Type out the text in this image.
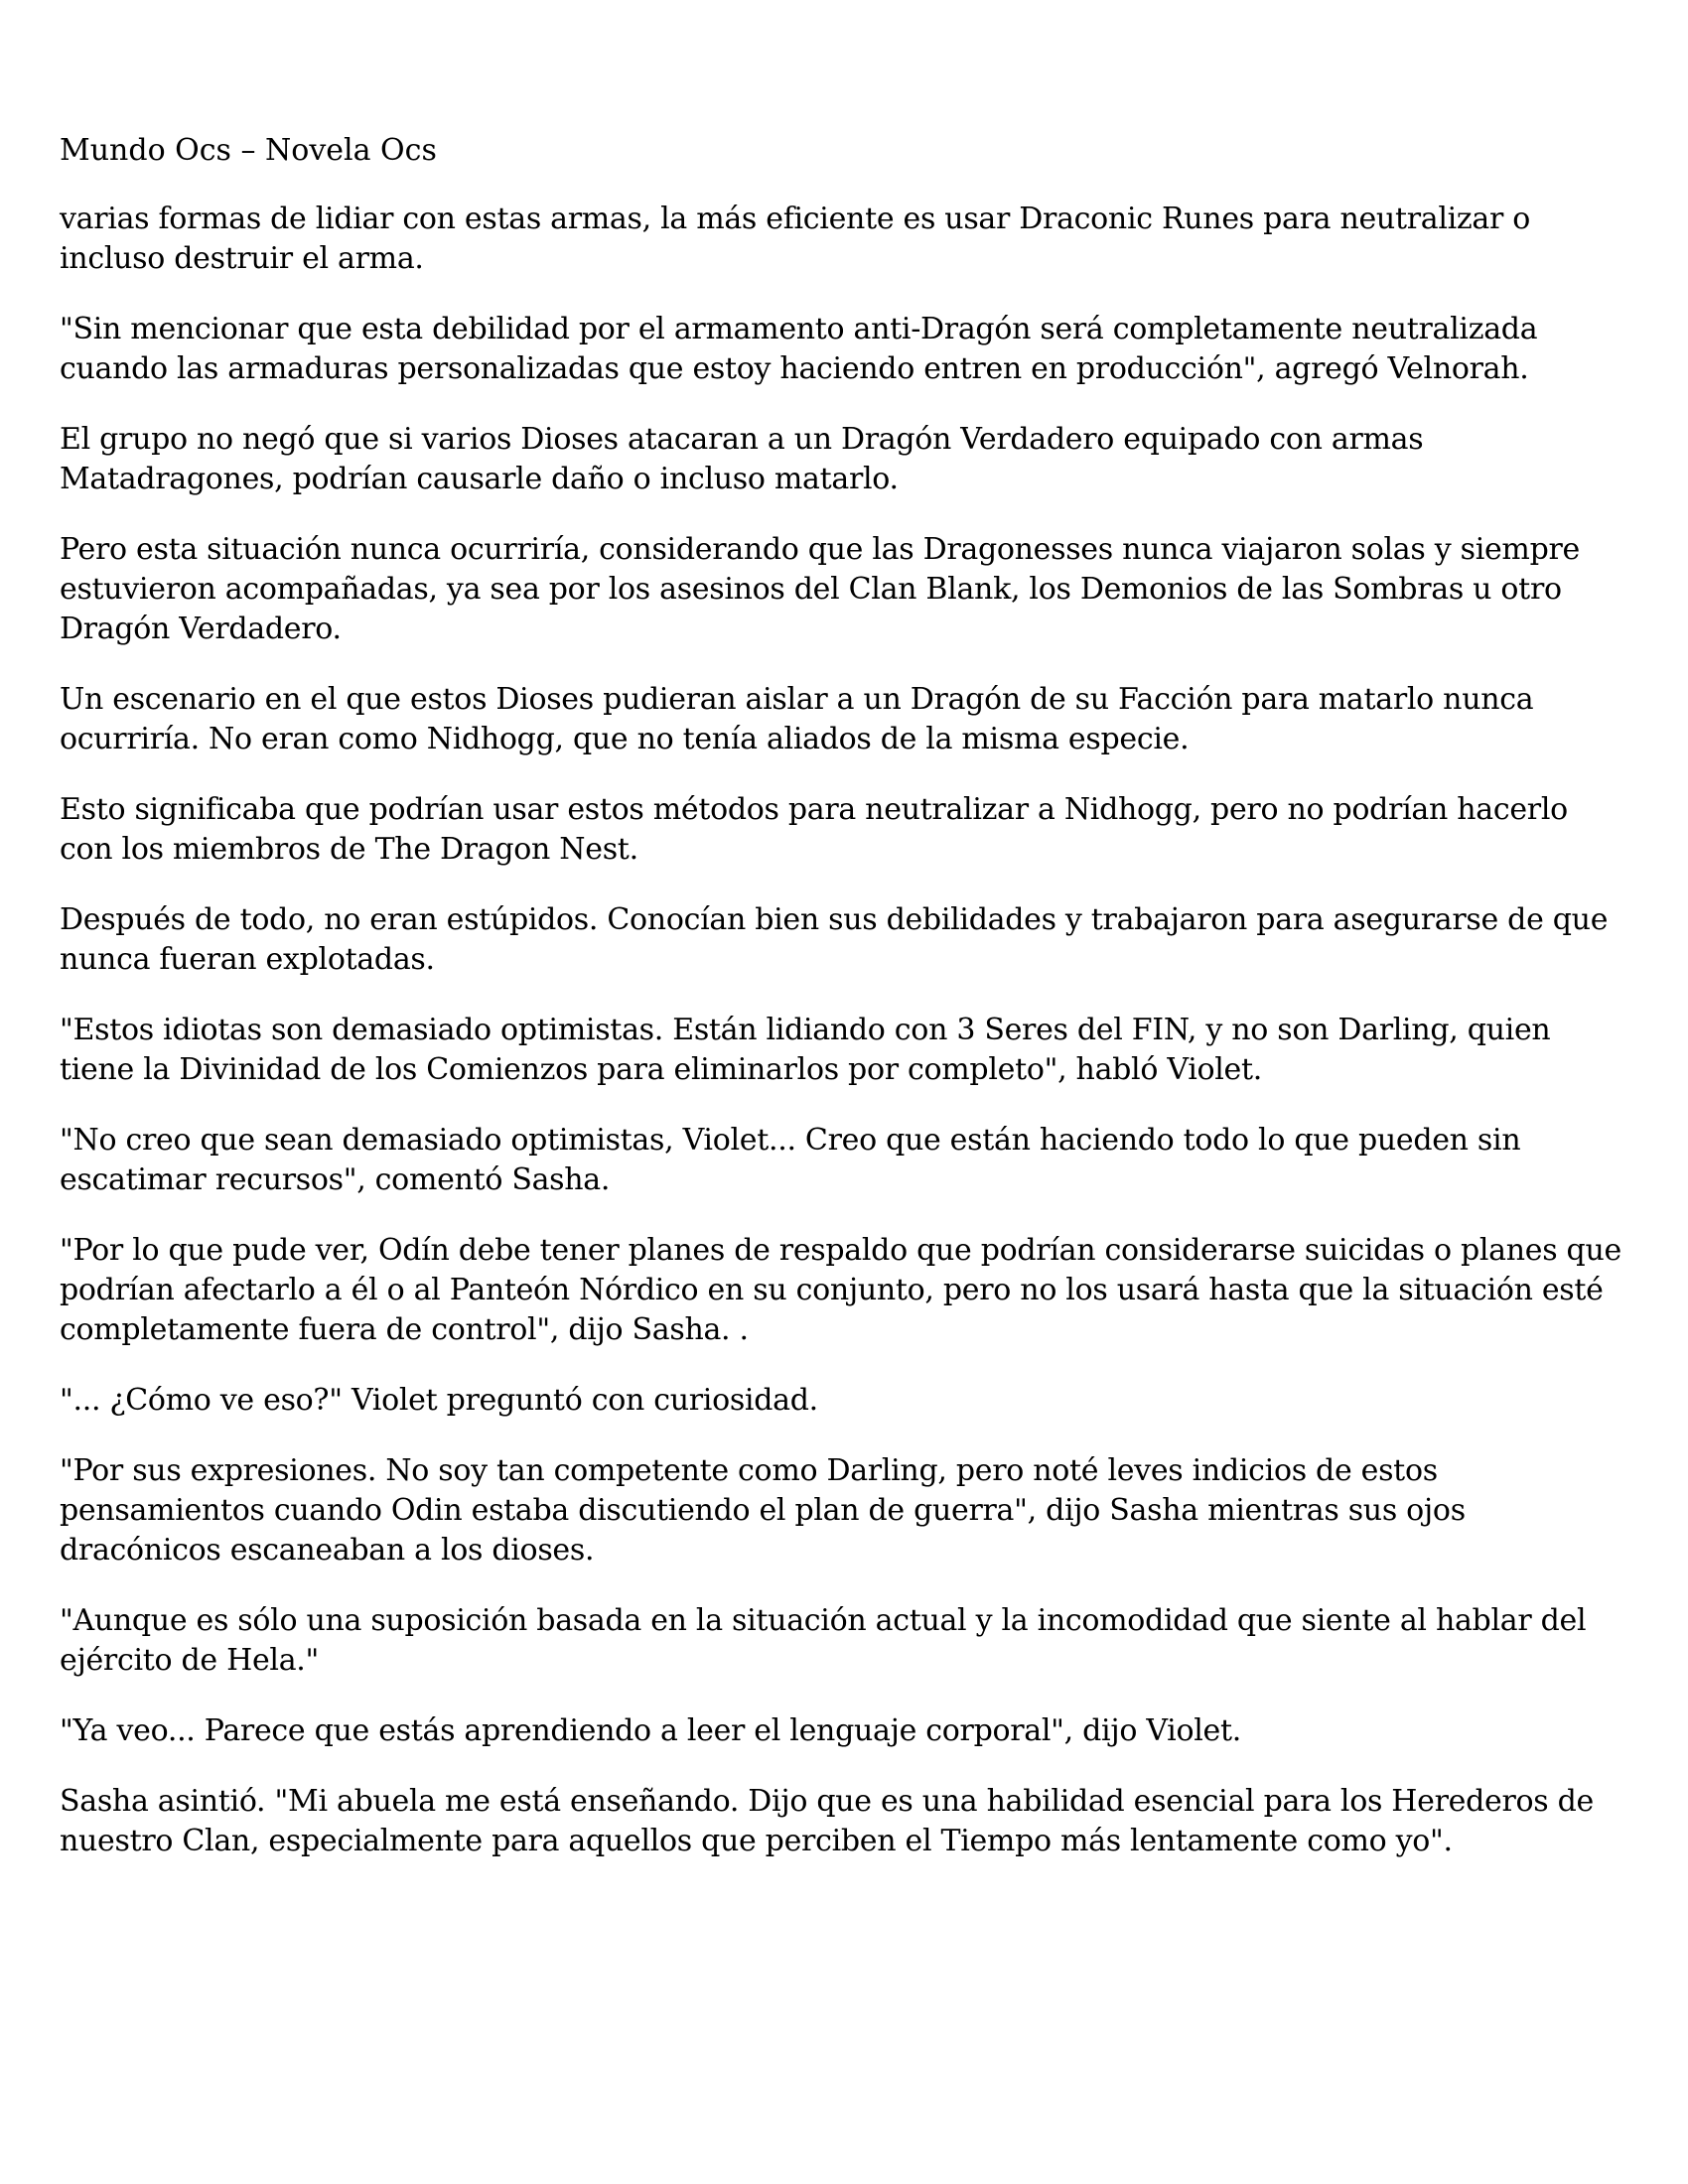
Mundo Ocs – Novela Ocs

varias formas de lidiar con estas armas, la más eficiente es usar Draconic Runes para neutralizar o incluso destruir el arma.

"Sin mencionar que esta debilidad por el armamento anti-Dragón será completamente neutralizada cuando las armaduras personalizadas que estoy haciendo entren en producción", agregó Velnorah.

El grupo no negó que si varios Dioses atacaran a un Dragón Verdadero equipado con armas Matadragones, podrían causarle daño o incluso matarlo.

Pero esta situación nunca ocurriría, considerando que las Dragonesses nunca viajaron solas y siempre estuvieron acompañadas, ya sea por los asesinos del Clan Blank, los Demonios de las Sombras u otro Dragón Verdadero.

Un escenario en el que estos Dioses pudieran aislar a un Dragón de su Facción para matarlo nunca ocurriría. No eran como Nidhogg, que no tenía aliados de la misma especie.

Esto significaba que podrían usar estos métodos para neutralizar a Nidhogg, pero no podrían hacerlo con los miembros de The Dragon Nest.

Después de todo, no eran estúpidos. Conocían bien sus debilidades y trabajaron para asegurarse de que nunca fueran explotadas.

"Estos idiotas son demasiado optimistas. Están lidiando con 3 Seres del FIN, y no son Darling, quien tiene la Divinidad de los Comienzos para eliminarlos por completo", habló Violet.

"No creo que sean demasiado optimistas, Violet... Creo que están haciendo todo lo que pueden sin escatimar recursos", comentó Sasha.

"Por lo que pude ver, Odín debe tener planes de respaldo que podrían considerarse suicidas o planes que podrían afectarlo a él o al Panteón Nórdico en su conjunto, pero no los usará hasta que la situación esté completamente fuera de control", dijo Sasha. .

"... ¿Cómo ve eso?" Violet preguntó con curiosidad.

"Por sus expresiones. No soy tan competente como Darling, pero noté leves indicios de estos pensamientos cuando Odin estaba discutiendo el plan de guerra", dijo Sasha mientras sus ojos dracónicos escaneaban a los dioses.

"Aunque es sólo una suposición basada en la situación actual y la incomodidad que siente al hablar del ejército de Hela."

"Ya veo... Parece que estás aprendiendo a leer el lenguaje corporal", dijo Violet.

Sasha asintió. "Mi abuela me está enseñando. Dijo que es una habilidad esencial para los Herederos de nuestro Clan, especialmente para aquellos que perciben el Tiempo más lentamente como yo".
